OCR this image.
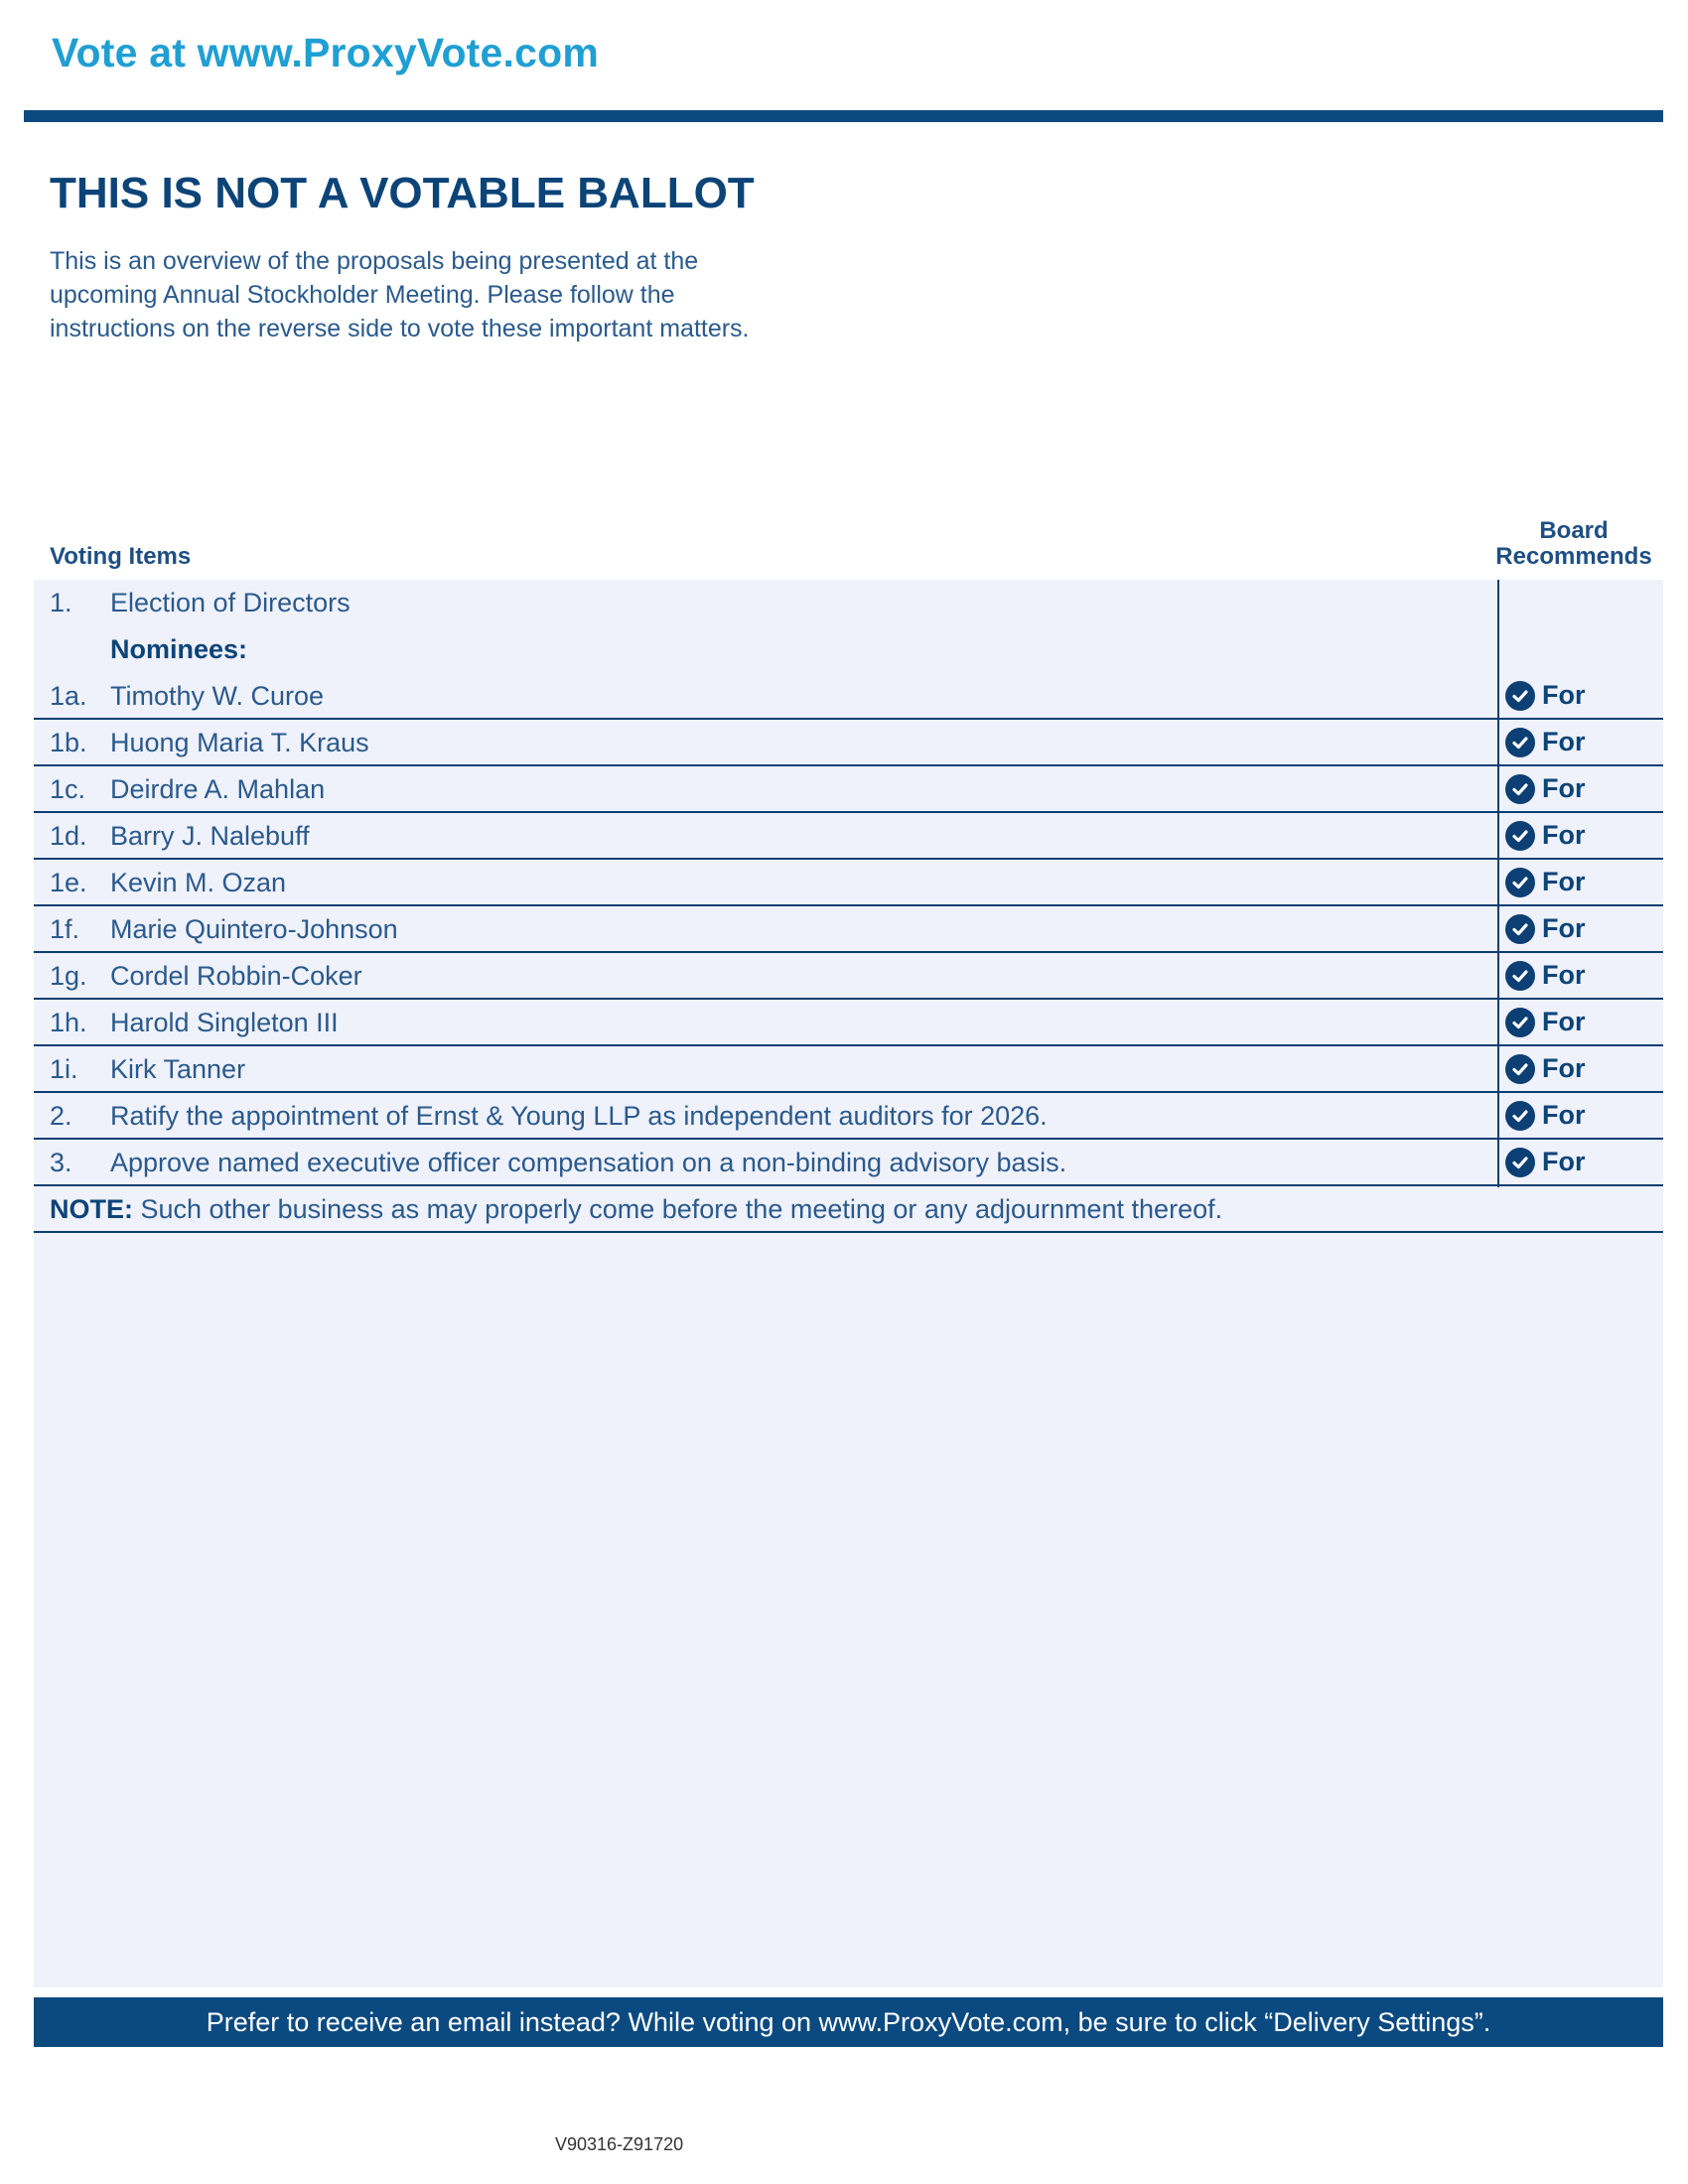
Vote at www.ProxyVote.com
THIS IS NOT A VOTABLE BALLOT
This is an overview of the proposals being presented at the
upcoming Annual Stockholder Meeting. Please follow the
instructions on the reverse side to vote these important matters.
Voting Items
Board
Recommends
1. Election of Directors
Nominees:
1a. Timothy W. Curoe	For
1b. Huong Maria T. Kraus	For
1c. Deirdre A. Mahlan	For
1d. Barry J. Nalebuff	For
1e. Kevin M. Ozan	For
1f. Marie Quintero-Johnson	For
1g. Cordel Robbin-Coker	For
1h. Harold Singleton III	For
1i. Kirk Tanner	For
2. Ratify the appointment of Ernst & Young LLP as independent auditors for 2026.	For
3. Approve named executive officer compensation on a non-binding advisory basis.	For
NOTE: Such other business as may properly come before the meeting or any adjournment thereof.
Prefer to receive an email instead? While voting on www.ProxyVote.com, be sure to click “Delivery Settings”.
V90316-Z91720
